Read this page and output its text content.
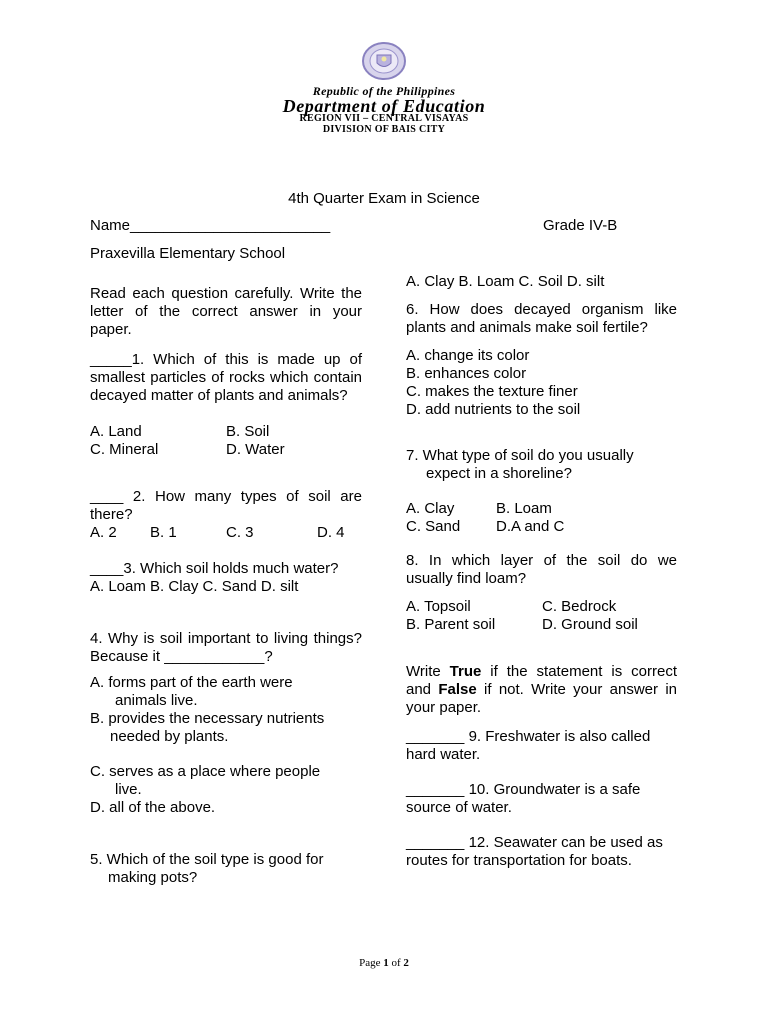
Republic of the Philippines
Department of Education
REGION VII – CENTRAL VISAYAS
DIVISION OF BAIS CITY
4th Quarter Exam in Science
Name________________________	Grade IV-B
Praxevilla Elementary School

Read each question carefully. Write the letter of the correct answer in your paper.

_____1. Which of this is made up of smallest particles of rocks which contain decayed matter of plants and animals?

A. Land	B. Soil
C. Mineral	D. Water

____ 2. How many types of soil are there?

A. 2	B. 1	C. 3	D. 4

____3. Which soil holds much water?

A. Loam B. Clay C. Sand D. silt

4. Why is soil important to living things? Because it ____________?

A. forms part of the earth were

animals live.

B. provides the necessary nutrients

needed by plants.

C. serves as a place where people

live.

D. all of the above.

5. Which of the soil type is good for

making pots?

A. Clay B. Loam C. Soil D. silt

6. How does decayed organism like plants and animals make soil fertile?

A. change its color

B. enhances color

C. makes the texture finer

D. add nutrients to the soil

7. What type of soil do you usually

expect in a shoreline?

A. Clay	B. Loam
C. Sand	D.A and C

8. In which layer of the soil do we usually find loam?

A. Topsoil	C. Bedrock
B. Parent soil	D. Ground soil

Write True if the statement is correct and False if not. Write your answer in your paper.

_______ 9. Freshwater is also called hard water.

_______ 10. Groundwater is a safe source of water.

_______ 12. Seawater can be used as routes for transportation for boats.

Page 1 of 2
